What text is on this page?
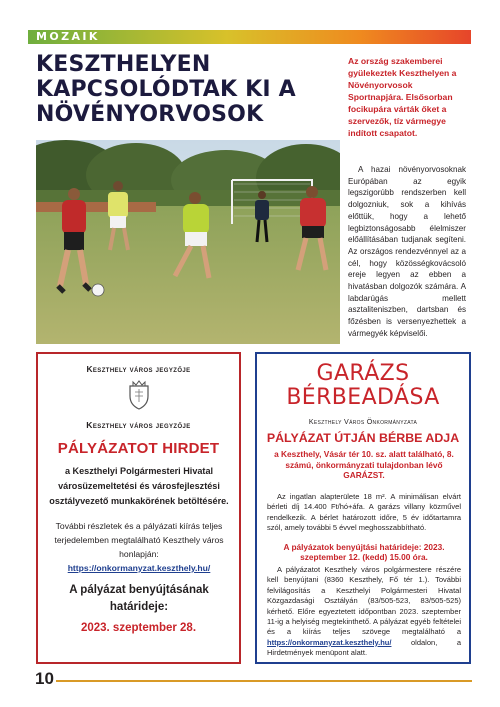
MOZAIK
KESZTHELYEN KAPCSOLÓDTAK KI A NÖVÉNYORVOSOK

Az ország szakemberei gyülekeztek Keszthelyen a Növényorvosok Sportnapjára. Elsősorban focikupára várták őket a szervezők, tíz vármegye indított csapatot.

A hazai növényorvosoknak Európában az egyik legszigorúbb rendszerben kell dolgozniuk, sok a kihívás előttük, hogy a lehető legbiztonságosabb élelmiszer előállításában tudjanak segíteni. Az országos rendezvénnyel az a cél, hogy közösségkovácsoló ereje legyen az ebben a hivatásban dolgozók számára. A labdarúgás mellett asztaliteniszben, dartsban és főzésben is versenyezhettek a vármegyék képviselői.

Keszthely város jegyzője
Keszthely város jegyzője
PÁLYÁZATOT HIRDET
a Keszthelyi Polgármesteri Hivatal városüzemeltetési és városfejlesztési osztályvezető munkakörének betöltésére.
További részletek és a pályázati kiírás teljes terjedelemben megtalálható Keszthely város honlapján:
https://onkormanyzat.keszthely.hu/
A pályázat benyújtásának határideje:
2023. szeptember 28.
GARÁZS
BÉRBEADÁSA
Keszthely Város Önkormányzata
PÁLYÁZAT ÚTJÁN BÉRBE ADJA
a Keszthely, Vásár tér 10. sz. alatt található, 8. számú, önkormányzati tulajdonban lévő GARÁZST.

Az ingatlan alapterülete 18 m². A minimálisan elvárt bérleti díj 14.400 Ft/hó+áfa. A garázs villany közművel rendelkezik. A bérlet határozott időre, 5 év időtartamra szól, amely további 5 évvel meghosszabbítható.

A pályázatok benyújtási határideje: 2023. szeptember 12. (kedd) 15.00 óra.

A pályázatot Keszthely város polgármestere részére kell benyújtani (8360 Keszthely, Fő tér 1.). További felvilágosítás a Keszthelyi Polgármesteri Hivatal Közgazdasági Osztályán (83/505-523, 83/505-525) kérhető. Előre egyeztetett időpontban 2023. szeptember 11-ig a helyiség megtekinthető. A pályázat egyéb feltételei és a kiírás teljes szövege megtalálható a https://onkormanyzat.keszthely.hu/ oldalon, a Hirdetmények menüpont alatt.

10
